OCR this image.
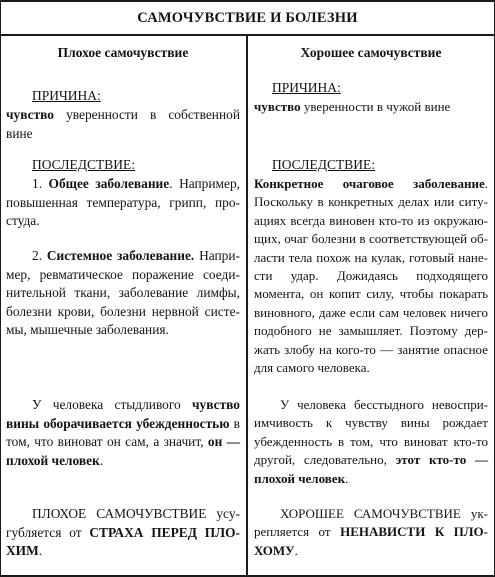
САМОЧУВСТВИЕ И БОЛЕЗНИ
Плохое самочувствие
ПРИЧИНА:
чувство уверенности в собственной вине
ПОСЛЕДСТВИЕ:
1. Общее заболевание. Например, повышенная температура, грипп, простуда.
2. Системное заболевание. Например, ревматическое поражение соединительной ткани, заболевание лимфы, болезни крови, болезни нервной системы, мышечные заболевания.
У человека стыдливого чувство вины оборачивается убежденностью в том, что виноват он сам, а значит, он — плохой человек.
ПЛОХОЕ САМОЧУВСТВИЕ усугубляется от СТРАХА ПЕРЕД ПЛОХИМ.
Хорошее самочувствие
ПРИЧИНА:
чувство уверенности в чужой вине
ПОСЛЕДСТВИЕ:
Конкретное очаговое заболевание. Поскольку в конкретных делах или ситуациях всегда виновен кто-то из окружающих, очаг болезни в соответствующей области тела похож на кулак, готовый нанести удар. Дожидаясь подходящего момента, он копит силу, чтобы покарать виновного, даже если сам человек ничего подобного не замышляет. Поэтому держать злобу на кого-то — занятие опасное для самого человека.
У человека бесстыдного невосприимчивость к чувству вины рождает убежденность в том, что виноват кто-то другой, следовательно, этот кто-то — плохой человек.
ХОРОШЕЕ САМОЧУВСТВИЕ укрепляется от НЕНАВИСТИ К ПЛОХОМУ.
